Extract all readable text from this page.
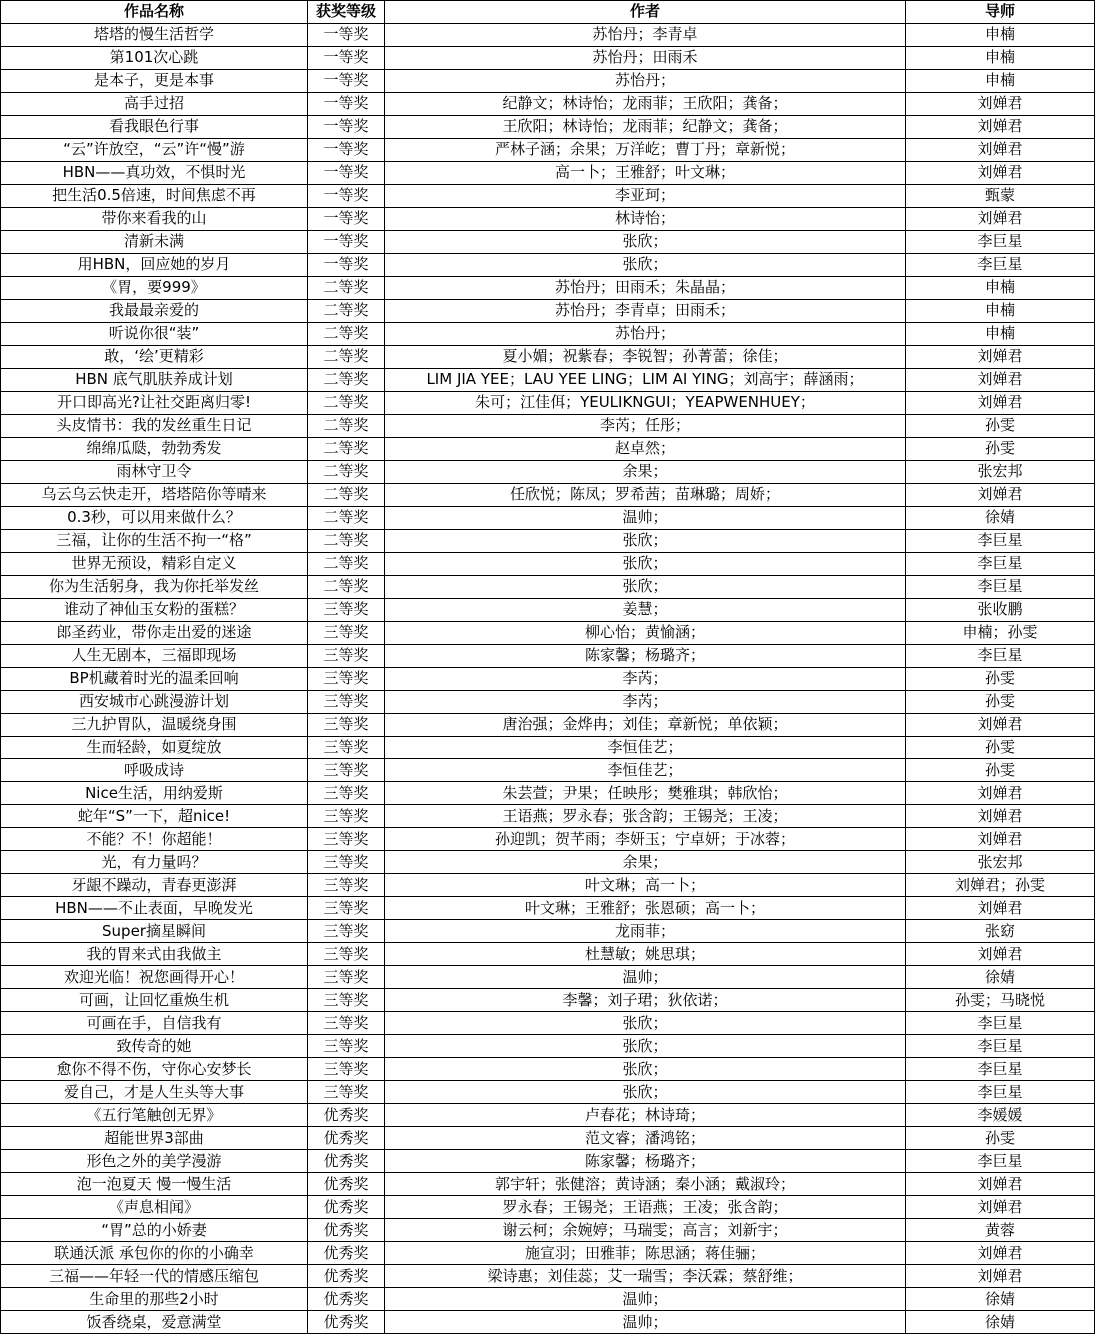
作品名称	获奖等级	作者	导师
塔塔的慢生活哲学	一等奖	苏怡丹；李青卓	申楠
第101次心跳	一等奖	苏怡丹；田雨禾	申楠
是本子，更是本事	一等奖	苏怡丹；	申楠
高手过招	一等奖	纪静文；林诗怡；龙雨菲；王欣阳；龚备；	刘婵君
看我眼色行事	一等奖	王欣阳；林诗怡；龙雨菲；纪静文；龚备；	刘婵君
“云”许放空，“云”许“慢”游	一等奖	严林子涵；余果；万洋屹；曹丁丹；章新悦；	刘婵君
HBN——真功效，不惧时光	一等奖	高一卜；王雅舒；叶文琳；	刘婵君
把生活0.5倍速，时间焦虑不再	一等奖	李亚珂；	甄蒙
带你来看我的山	一等奖	林诗怡；	刘婵君
清新未满	一等奖	张欣；	李巨星
用HBN，回应她的岁月	一等奖	张欣；	李巨星
《胃，要999》	二等奖	苏怡丹；田雨禾；朱晶晶；	申楠
我最最亲爱的	二等奖	苏怡丹；李青卓；田雨禾；	申楠
听说你很“装”	二等奖	苏怡丹；	申楠
敢，‘绘’更精彩	二等奖	夏小媚；祝紫春；李锐智；孙菁蕾；徐佳；	刘婵君
HBN 底气肌肤养成计划	二等奖	LIM JIA YEE；LAU YEE LING；LIM AI YING；刘高宇；薛涵雨；	刘婵君
开口即高光?让社交距离归零!	二等奖	朱可；江佳佴；YEULIKNGUI；YEAPWENHUEY；	刘婵君
头皮情书：我的发丝重生日记	二等奖	李芮；任彤；	孙雯
绵绵瓜瓞，勃勃秀发	二等奖	赵卓然；	孙雯
雨林守卫令	二等奖	余果；	张宏邦
乌云乌云快走开，塔塔陪你等晴来	二等奖	任欣悦；陈凤；罗希茜；苗琳璐；周娇；	刘婵君
0.3秒，可以用来做什么？	二等奖	温帅；	徐婧
三福，让你的生活不拘一“格”	二等奖	张欣；	李巨星
世界无预设，精彩自定义	二等奖	张欣；	李巨星
你为生活躬身，我为你托举发丝	二等奖	张欣；	李巨星
谁动了神仙玉女粉的蛋糕？	三等奖	姜慧；	张收鹏
郎圣药业，带你走出爱的迷途	三等奖	柳心怡；黄愉涵；	申楠；孙雯
人生无剧本，三福即现场	三等奖	陈家馨；杨璐齐；	李巨星
BP机藏着时光的温柔回响	三等奖	李芮；	孙雯
西安城市心跳漫游计划	三等奖	李芮；	孙雯
三九护胃队，温暖绕身围	三等奖	唐治强；金烨冉；刘佳；章新悦；单依颖；	刘婵君
生而轻龄，如夏绽放	三等奖	李恒佳艺；	孙雯
呼吸成诗	三等奖	李恒佳艺；	孙雯
Nice生活，用纳爱斯	三等奖	朱芸萱；尹果；任映彤；樊雅琪；韩欣怡；	刘婵君
蛇年“S”一下，超nice!	三等奖	王语燕；罗永春；张含韵；王锡尧；王凌；	刘婵君
不能？不！你超能！	三等奖	孙迎凯；贺芊雨；李妍玉；宁卓妍；于冰蓉；	刘婵君
光，有力量吗？	三等奖	余果；	张宏邦
牙龈不躁动，青春更澎湃	三等奖	叶文琳；高一卜；	刘婵君；孙雯
HBN——不止表面，早晚发光	三等奖	叶文琳；王雅舒；张恩硕；高一卜；	刘婵君
Super摘星瞬间	三等奖	龙雨菲；	张窈
我的胃来式由我做主	三等奖	杜慧敏；姚思琪；	刘婵君
欢迎光临！祝您画得开心！	三等奖	温帅；	徐婧
可画，让回忆重焕生机	三等奖	李馨；刘子珺；狄依诺；	孙雯；马晓悦
可画在手，自信我有	三等奖	张欣；	李巨星
致传奇的她	三等奖	张欣；	李巨星
愈你不得不伤，守你心安梦长	三等奖	张欣；	李巨星
爱自己，才是人生头等大事	三等奖	张欣；	李巨星
《五行笔触创无界》	优秀奖	卢春花；林诗琦；	李媛媛
超能世界3部曲	优秀奖	范文睿；潘鸿铭；	孙雯
形色之外的美学漫游	优秀奖	陈家馨；杨璐齐；	李巨星
泡一泡夏天 慢一慢生活	优秀奖	郭宇轩；张健溶；黄诗涵；秦小涵；戴淑玲；	刘婵君
《声息相闻》	优秀奖	罗永春；王锡尧；王语燕；王凌；张含韵；	刘婵君
“胃”总的小娇妻	优秀奖	谢云柯；余婉婷；马瑞雯；高言；刘新宇；	黄蓉
联通沃派 承包你的你的小确幸	优秀奖	施宣羽；田雅菲；陈思涵；蒋佳骊；	刘婵君
三福——年轻一代的情感压缩包	优秀奖	梁诗惠；刘佳蕊；艾一瑞雪；李沃霖；蔡舒维；	刘婵君
生命里的那些2小时	优秀奖	温帅；	徐婧
饭香绕桌，爱意满堂	优秀奖	温帅；	徐婧
